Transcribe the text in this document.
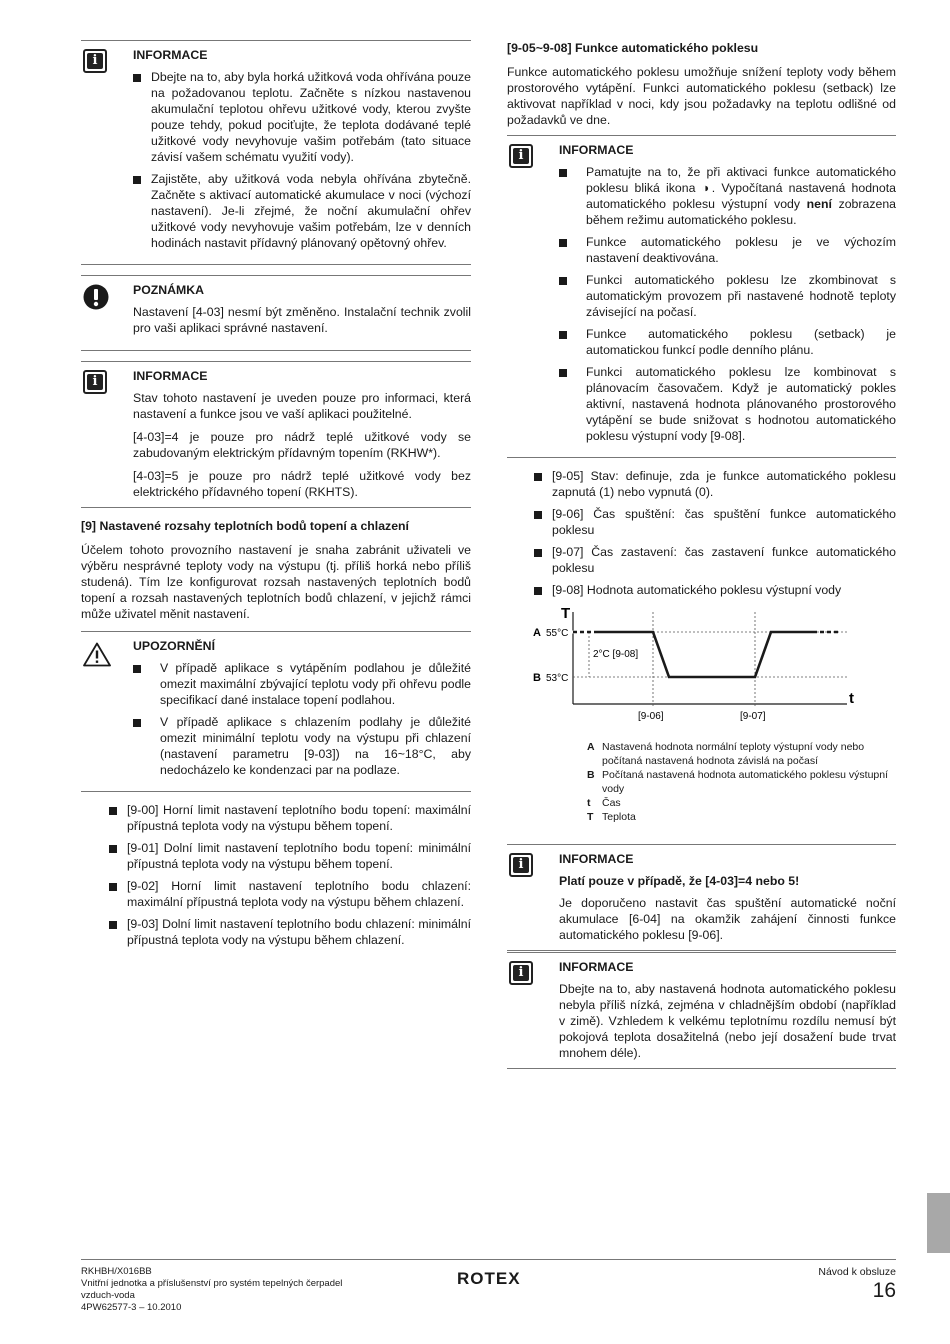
i	INFORMACE
Dbejte na to, aby byla horká užitková voda ohřívána pouze na požadovanou teplotu. Začněte s nízkou nastavenou akumulační teplotou ohřevu užitkové vody, kterou zvyšte pouze tehdy, pokud pociťujte, že teplota dodávané teplé užitkové vody nevyhovuje vašim potřebám (tato situace závisí vašem schématu využití vody).
Zajistěte, aby užitková voda nebyla ohřívána zbytečně. Začněte s aktivací automatické akumulace v noci (výchozí nastavení). Je-li zřejmé, že noční akumulační ohřev užitkové vody nevyhovuje vašim potřebám, lze v denních hodinách nastavit přídavný plánovaný opětovný ohřev.
POZNÁMKA
Nastavení [4-03] nesmí být změněno. Instalační technik zvolil pro vaši aplikaci správné nastavení.
i	INFORMACE
Stav tohoto nastavení je uveden pouze pro informaci, která nastavení a funkce jsou ve vaší aplikaci použitelné.
[4-03]=4 je pouze pro nádrž teplé užitkové vody se zabudovaným elektrickým přídavným topením (RKHW*).
[4-03]=5 je pouze pro nádrž teplé užitkové vody bez elektrického přídavného topení (RKHTS).
[9] Nastavené rozsahy teplotních bodů topení a chlazení
Účelem tohoto provozního nastavení je snaha zabránit uživateli ve výběru nesprávné teploty vody na výstupu (tj. příliš horká nebo příliš studená). Tím lze konfigurovat rozsah nastavených teplotních bodů topení a rozsah nastavených teplotních bodů chlazení, v jejichž rámci může uživatel měnit nastavení.
UPOZORNĚNÍ
V případě aplikace s vytápěním podlahou je důležité omezit maximální zbývající teplotu vody při ohřevu podle specifikací dané instalace topení podlahou.
V případě aplikace s chlazením podlahy je důležité omezit minimální teplotu vody na výstupu při chlazení (nastavení parametru [9-03]) na 16~18°C, aby nedocházelo ke kondenzaci par na podlaze.
[9-00] Horní limit nastavení teplotního bodu topení: maximální přípustná teplota vody na výstupu během topení.
[9-01] Dolní limit nastavení teplotního bodu topení: minimální přípustná teplota vody na výstupu během topení.
[9-02] Horní limit nastavení teplotního bodu chlazení: maximální přípustná teplota vody na výstupu během chlazení.
[9-03] Dolní limit nastavení teplotního bodu chlazení: minimální přípustná teplota vody na výstupu během chlazení.
[9-05~9-08] Funkce automatického poklesu
Funkce automatického poklesu umožňuje snížení teploty vody během prostorového vytápění. Funkci automatického poklesu (setback) lze aktivovat například v noci, kdy jsou požadavky na teplotu odlišné od požadavků ve dne.
i	INFORMACE
Pamatujte na to, že při aktivaci funkce automatického poklesu bliká ikona ◑. Vypočítaná nastavená hodnota automatického poklesu výstupní vody není zobrazena během režimu automatického poklesu.
Funkce automatického poklesu je ve výchozím nastavení deaktivována.
Funkci automatického poklesu lze zkombinovat s automatickým provozem při nastavené hodnotě teploty závisející na počasí.
Funkce automatického poklesu (setback) je automatickou funkcí podle denního plánu.
Funkci automatického poklesu lze kombinovat s plánovacím časovačem. Když je automatický pokles aktivní, nastavená hodnota plánovaného prostorového vytápění se bude snižovat s hodnotou automatického poklesu výstupní vody [9-08].
[9-05] Stav: definuje, zda je funkce automatického poklesu zapnutá (1) nebo vypnutá (0).
[9-06] Čas spuštění: čas spuštění funkce automatického poklesu
[9-07] Čas zastavení: čas zastavení funkce automatického poklesu
[9-08] Hodnota automatického poklesu výstupní vody
T
t
A 55°C
B 53°C
2°C [9-08]
[9-06]	[9-07]
A Nastavená hodnota normální teploty výstupní vody nebo počítaná nastavená hodnota závislá na počasí
B Počítaná nastavená hodnota automatického poklesu výstupní vody
t	Čas
T Teplota
i	INFORMACE
Platí pouze v případě, že [4-03]=4 nebo 5!
Je doporučeno nastavit čas spuštění automatické noční akumulace [6-04] na okamžik zahájení činnosti funkce automatického poklesu [9-06].
i	INFORMACE
Dbejte na to, aby nastavená hodnota automatického poklesu nebyla příliš nízká, zejména v chladnějším období (například v zimě). Vzhledem k velkému teplotnímu rozdílu nemusí být pokojová teplota dosažitelná (nebo její dosažení bude trvat mnohem déle).
RKHBH/X016BB
Vnitřní jednotka a příslušenství pro systém tepelných čerpadel
vzduch-voda
4PW62577-3 – 10.2010
ROTEX	Návod k obsluze
16
